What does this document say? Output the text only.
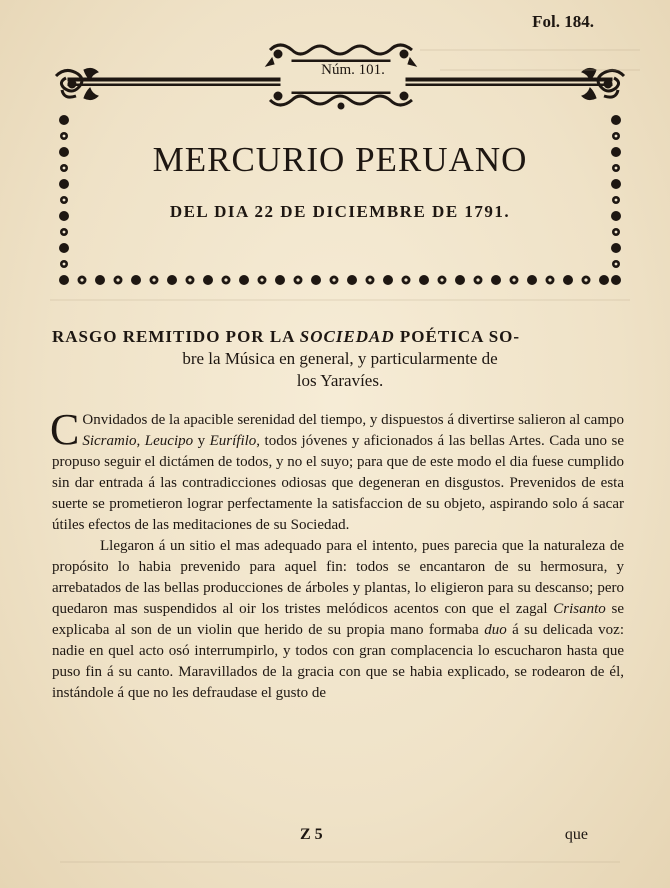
Fol. 184.
Núm. 101.
MERCURIO PERUANO
DEL DIA 22 DE DICIEMBRE DE 1791.
RASGO REMITIDO POR LA SOCIEDAD POÉTICA SO-
bre la Música en general, y particularmente de
los Yaravíes.

C Onvidados de la apacible serenidad del tiempo, y dispuestos á divertirse salieron al campo Sicramio, Leucipo y Eurífilo, todos jóvenes y aficionados á las bellas Artes. Cada uno se propuso seguir el dictámen de todos, y no el suyo; para que de este modo el dia fuese cumplido sin dar entrada á las contradicciones odiosas que degeneran en disgustos. Prevenidos de esta suerte se prometieron lograr perfectamente la satisfaccion de su objeto, aspirando solo á sacar útiles efectos de las meditaciones de su Sociedad.

Llegaron á un sitio el mas adequado para el intento, pues parecia que la naturaleza de propósito lo habia prevenido para aquel fin: todos se encantaron de su hermosura, y arrebatados de las bellas producciones de árboles y plantas, lo eligieron para su descanso; pero quedaron mas suspendidos al oir los tristes melódicos acentos con que el zagal Crisanto se explicaba al son de un violin que herido de su propia mano formaba duo á su delicada voz: nadie en quel acto osó interrumpirlo, y todos con gran complacencia lo escucharon hasta que puso fin á su canto. Maravillados de la gracia con que se habia explicado, se rodearon de él, instándole á que no les defraudase el gusto de

Z 5	que
